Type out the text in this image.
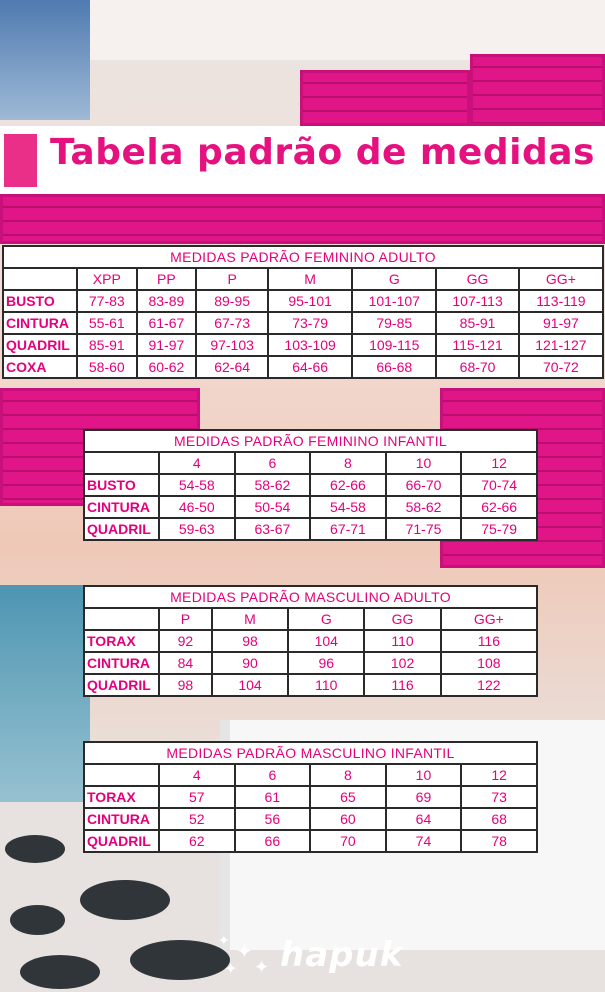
Tabela padrão de medidas
MEDIDAS PADRÃO FEMININO ADULTO							
	XPP	PP	P	M	G	GG	GG+
BUSTO	77-83	83-89	89-95	95-101	101-107	107-113	113-119
CINTURA	55-61	61-67	67-73	73-79	79-85	85-91	91-97
QUADRIL	85-91	91-97	97-103	103-109	109-115	115-121	121-127
COXA	58-60	60-62	62-64	64-66	66-68	68-70	70-72
MEDIDAS PADRÃO FEMININO INFANTIL					
	4	6	8	10	12
BUSTO	54-58	58-62	62-66	66-70	70-74
CINTURA	46-50	50-54	54-58	58-62	62-66
QUADRIL	59-63	63-67	67-71	71-75	75-79
MEDIDAS PADRÃO MASCULINO ADULTO					
	P	M	G	GG	GG+
TORAX	92	98	104	110	116
CINTURA	84	90	96	102	108
QUADRIL	98	104	110	116	122
MEDIDAS PADRÃO MASCULINO INFANTIL					
	4	6	8	10	12
TORAX	57	61	65	69	73
CINTURA	52	56	60	64	68
QUADRIL	62	66	70	74	78
✦ ✦
✦ ✦ hapuk
